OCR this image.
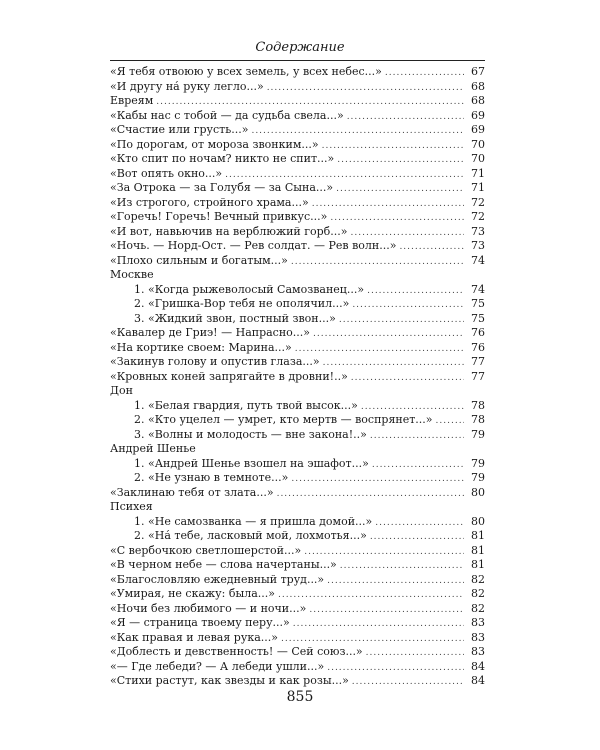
Содержание
«Я тебя отвоюю у всех земель, у всех небес...» .....	67
«И другу на́ руку легло...» .....	68
Евреям .....	68
«Кабы нас с тобой — да судьба свела...» .....	69
«Счастие или грусть...» .....	69
«По дорогам, от мороза звонким...» .....	70
«Кто спит по ночам? никто не спит...» .....	70
«Вот опять окно...» .....	71
«За Отрока — за Голубя — за Сына...» .....	71
«Из строгого, стройного храма...» .....	72
«Горечь! Горечь! Вечный привкус...» .....	72
«И вот, навьючив на верблюжий горб...» .....	73
«Ночь. — Норд-Ост. — Рев солдат. — Рев волн...» .....	73
«Плохо сильным и богатым...» .....	74
Москве
1. «Когда рыжеволосый Самозванец...» .....	74
2. «Гришка-Вор тебя не ополячил...» .....	75
3. «Жидкий звон, постный звон...» .....	75
«Кавалер де Гриэ! — Напрасно...» .....	76
«На кортике своем: Марина...» .....	76
«Закинув голову и опустив глаза...» .....	77
«Кровных коней запрягайте в дровни!..» .....	77
Дон
1. «Белая гвардия, путь твой высок...» .....	78
2. «Кто уцелел — умрет, кто мертв — воспрянет...» .....	78
3. «Волны и молодость — вне закона!..» .....	79
Андрей Шенье
1. «Андрей Шенье взошел на эшафот...» .....	79
2. «Не узнаю в темноте...» .....	79
«Заклинаю тебя от злата...» .....	80
Психея
1. «Не самозванка — я пришла домой...» .....	80
2. «На́ тебе, ласковый мой, лохмотья...» .....	81
«С вербочкою светлошерстой...» .....	81
«В черном небе — слова начертаны...» .....	81
«Благословляю ежедневный труд...» .....	82
«Умирая, не скажу: была...» .....	82
«Ночи без любимого — и ночи...» .....	82
«Я — страница твоему перу...» .....	83
«Как правая и левая рука...» .....	83
«Доблесть и девственность! — Сей союз...» .....	83
«— Где лебеди? — А лебеди ушли...» .....	84
«Стихи растут, как звезды и как розы...» .....	84
855
